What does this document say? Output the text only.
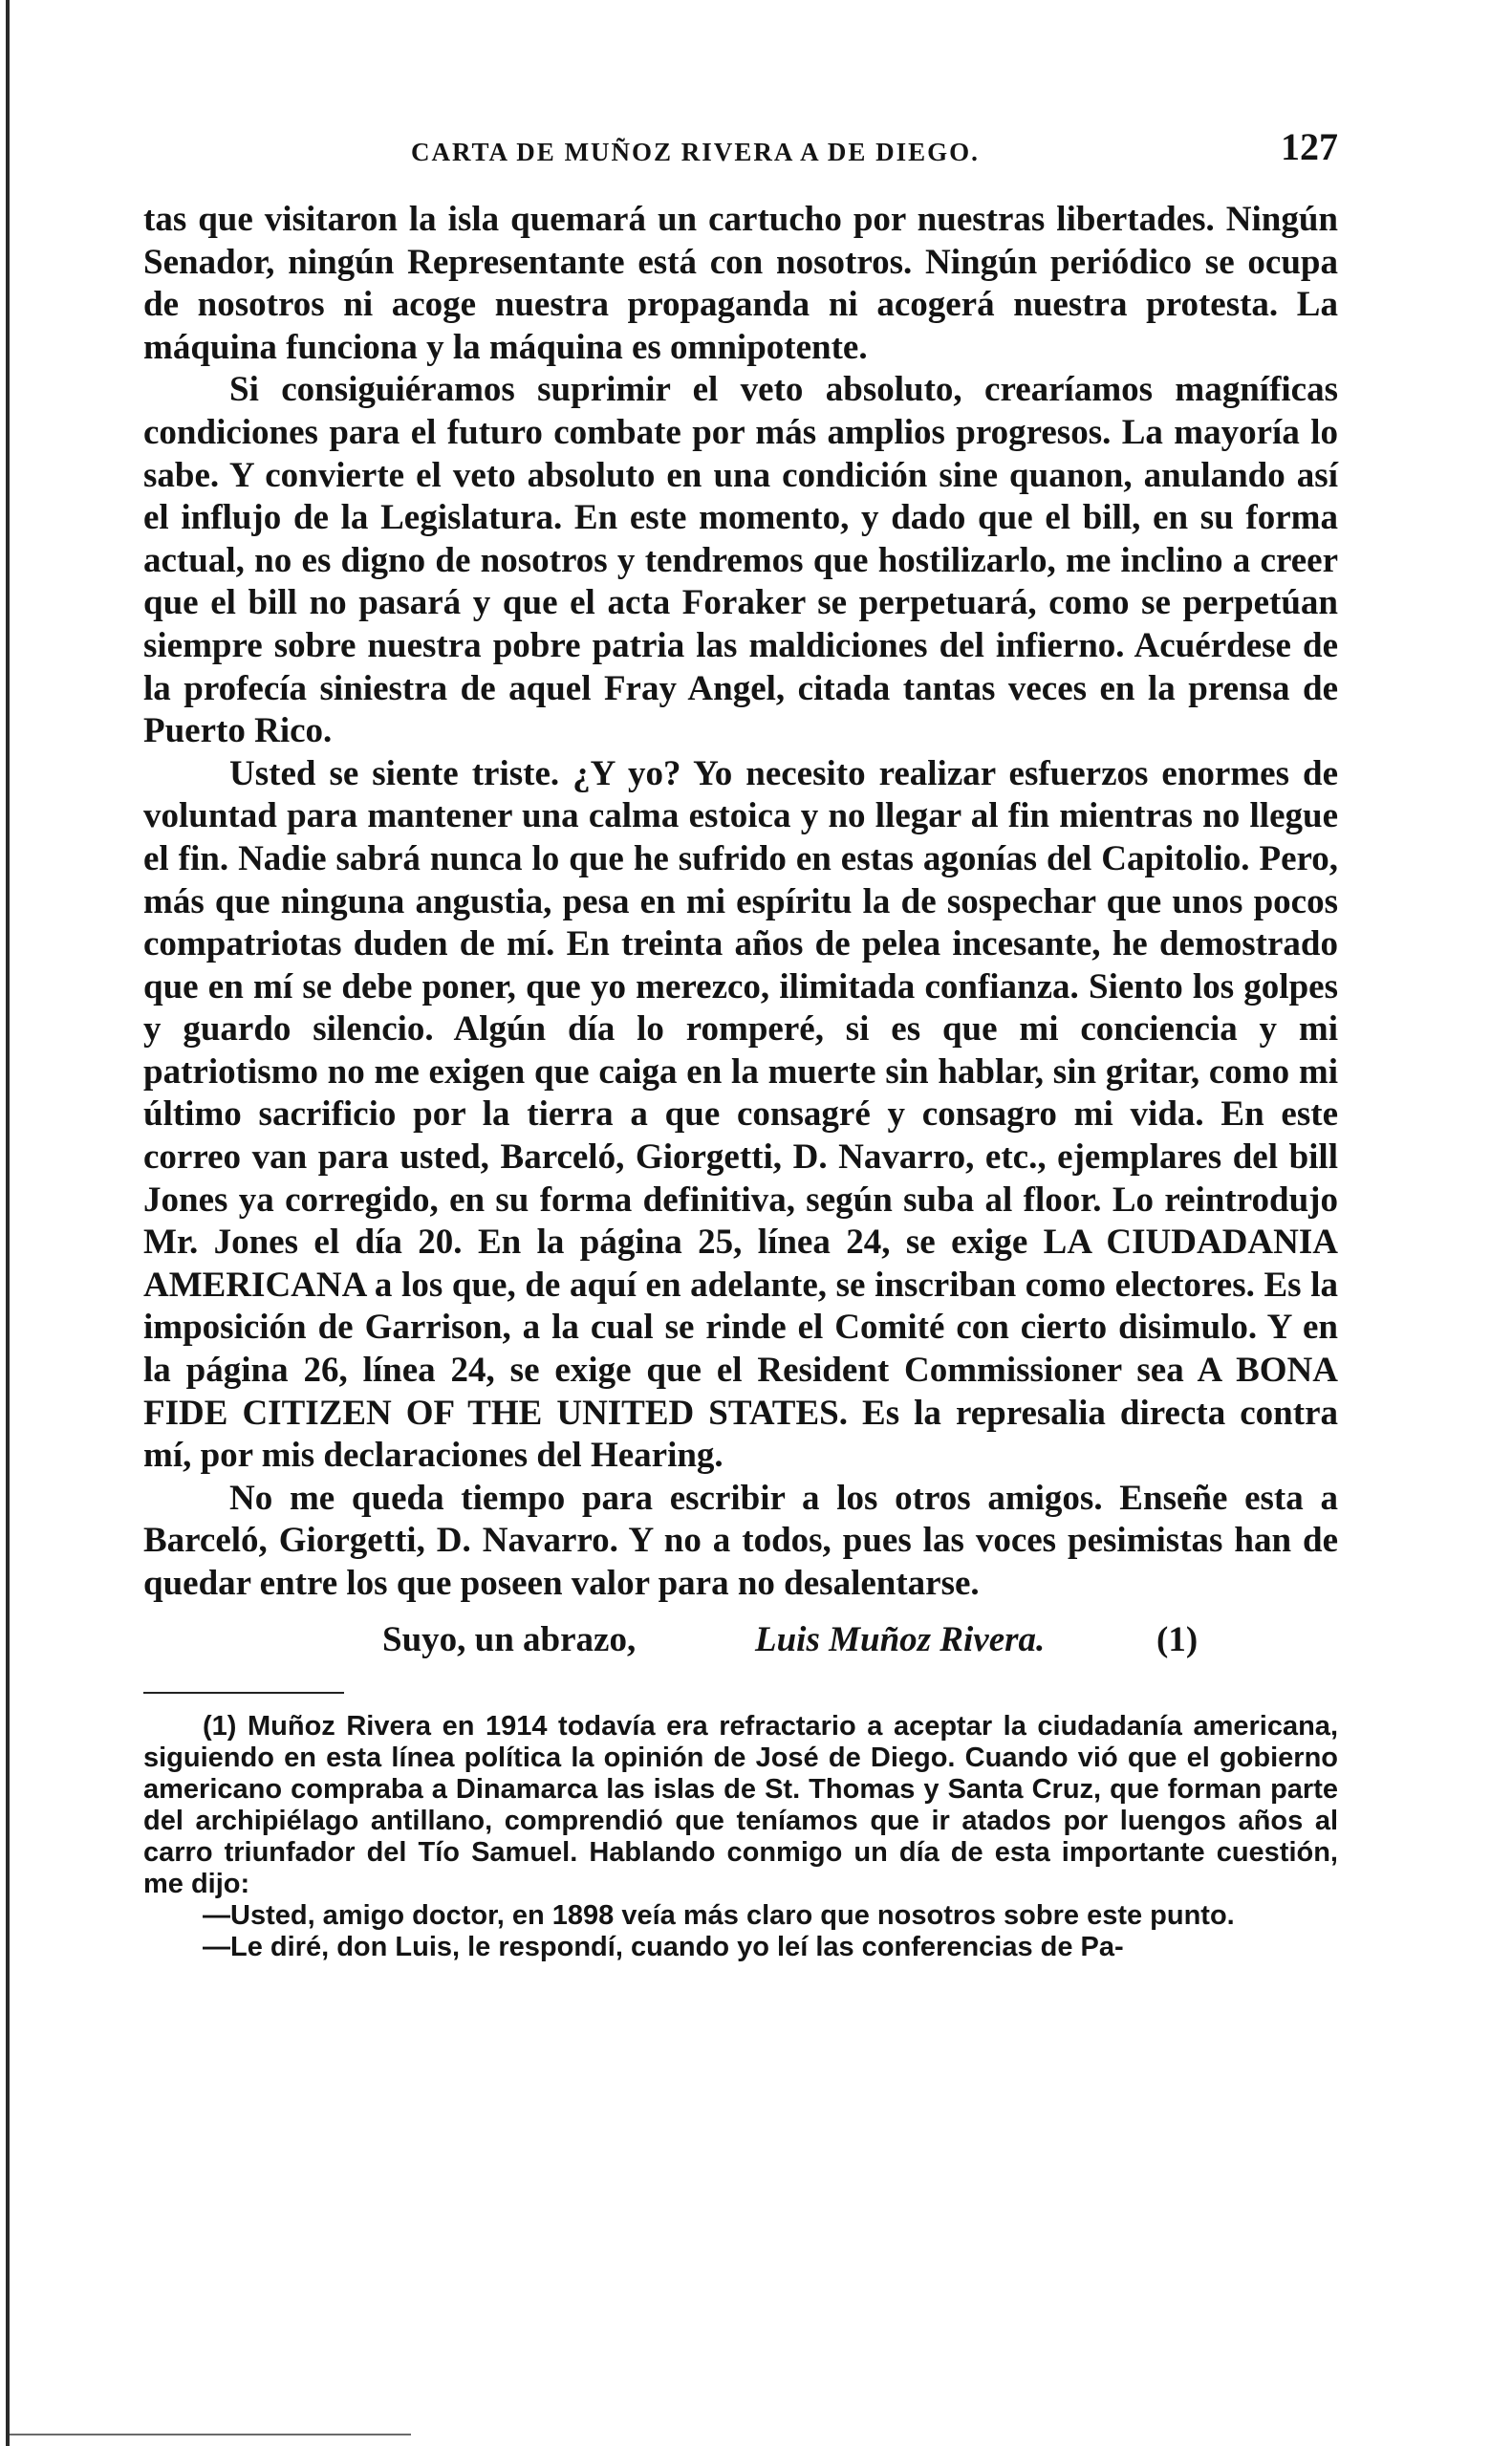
CARTA DE MUÑOZ RIVERA A DE DIEGO.	127

tas que visitaron la isla quemará un cartucho por nuestras libertades. Ningún Senador, ningún Representante está con nosotros. Ningún periódico se ocupa de nosotros ni acoge nuestra propaganda ni acogerá nuestra protesta. La máquina funciona y la máquina es omnipotente.

Si consiguiéramos suprimir el veto absoluto, crearíamos magníficas condiciones para el futuro combate por más amplios progresos. La mayoría lo sabe. Y convierte el veto absoluto en una condición sine quanon, anulando así el influjo de la Legislatura. En este momento, y dado que el bill, en su forma actual, no es digno de nosotros y tendremos que hostilizarlo, me inclino a creer que el bill no pasará y que el acta Foraker se perpetuará, como se perpetúan siempre sobre nuestra pobre patria las maldiciones del infierno. Acuérdese de la profecía siniestra de aquel Fray Angel, citada tantas veces en la prensa de Puerto Rico.

Usted se siente triste. ¿Y yo? Yo necesito realizar esfuerzos enormes de voluntad para mantener una calma estoica y no llegar al fin mientras no llegue el fin. Nadie sabrá nunca lo que he sufrido en estas agonías del Capitolio. Pero, más que ninguna angustia, pesa en mi espíritu la de sospechar que unos pocos compatriotas duden de mí. En treinta años de pelea incesante, he demostrado que en mí se debe poner, que yo merezco, ilimitada confianza. Siento los golpes y guardo silencio. Algún día lo romperé, si es que mi conciencia y mi patriotismo no me exigen que caiga en la muerte sin hablar, sin gritar, como mi último sacrificio por la tierra a que consagré y consagro mi vida. En este correo van para usted, Barceló, Giorgetti, D. Navarro, etc., ejemplares del bill Jones ya corregido, en su forma definitiva, según suba al floor. Lo reintrodujo Mr. Jones el día 20. En la página 25, línea 24, se exige LA CIUDADANIA AMERICANA a los que, de aquí en adelante, se inscriban como electores. Es la imposición de Garrison, a la cual se rinde el Comité con cierto disimulo. Y en la página 26, línea 24, se exige que el Resident Commissioner sea A BONA FIDE CITIZEN OF THE UNITED STATES. Es la represalia directa contra mí, por mis declaraciones del Hearing.

No me queda tiempo para escribir a los otros amigos. Enseñe esta a Barceló, Giorgetti, D. Navarro. Y no a todos, pues las voces pesimistas han de quedar entre los que poseen valor para no desalentarse.

Suyo, un abrazo,	Luis Muñoz Rivera.	(1)

(1) Muñoz Rivera en 1914 todavía era refractario a aceptar la ciudadanía americana, siguiendo en esta línea política la opinión de José de Diego. Cuando vió que el gobierno americano compraba a Dinamarca las islas de St. Thomas y Santa Cruz, que forman parte del archipiélago antillano, comprendió que teníamos que ir atados por luengos años al carro triunfador del Tío Samuel. Hablando conmigo un día de esta importante cuestión, me dijo:

—Usted, amigo doctor, en 1898 veía más claro que nosotros sobre este punto.

—Le diré, don Luis, le respondí, cuando yo leí las conferencias de Pa-
